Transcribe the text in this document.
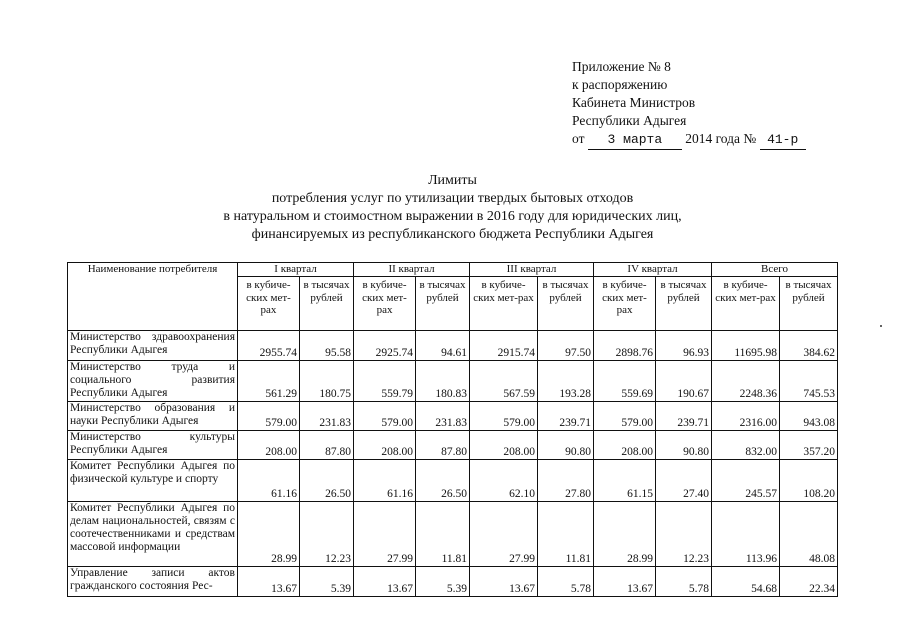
Приложение № 8
к распоряжению
Кабинета Министров
Республики Адыгея
от 3 марта 2014 года № 41-р
Лимиты
потребления услуг по утилизации твердых бытовых отходов
в натуральном и стоимостном выражении в 2016 году для юридических лиц,
финансируемых из республиканского бюджета Республики Адыгея
Наименование потребителя	I квартал		II квартал		III квартал		IV квартал		Всего	
	в кубиче-ских мет-рах	в тысячах рублей	в кубиче-ских мет-рах	в тысячах рублей	в кубиче-ских мет-рах	в тысячах рублей	в кубиче-ских мет-рах	в тысячах рублей	в кубиче-ских мет-рах	в тысячах рублей
Министерство здравоохранения Республики Адыгея	2955.74	95.58	2925.74	94.61	2915.74	97.50	2898.76	96.93	11695.98	384.62
Министерство труда и социального развития Республики Адыгея	561.29	180.75	559.79	180.83	567.59	193.28	559.69	190.67	2248.36	745.53
Министерство образования и науки Республики Адыгея	579.00	231.83	579.00	231.83	579.00	239.71	579.00	239.71	2316.00	943.08
Министерство культуры Республики Адыгея	208.00	87.80	208.00	87.80	208.00	90.80	208.00	90.80	832.00	357.20
Комитет Республики Адыгея по физической культуре и спорту	61.16	26.50	61.16	26.50	62.10	27.80	61.15	27.40	245.57	108.20
Комитет Республики Адыгея по делам национальностей, связям с соотечественниками и средствам массовой информации	28.99	12.23	27.99	11.81	27.99	11.81	28.99	12.23	113.96	48.08
Управление записи актов гражданского состояния Рес-	13.67	5.39	13.67	5.39	13.67	5.78	13.67	5.78	54.68	22.34
